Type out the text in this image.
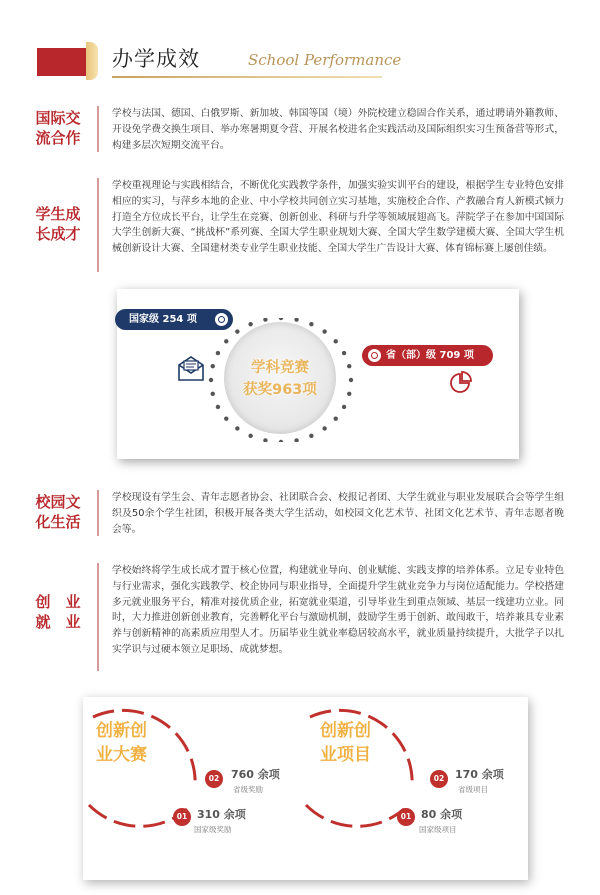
办学成效	School Performance
国际交
流合作
学校与法国、德国、白俄罗斯、新加坡、韩国等国（境）外院校建立稳固合作关系，通过聘请外籍教师、开设免学费交换生项目、举办寒暑期夏令营、开展名校进名企实践活动及国际组织实习生预备营等形式，构建多层次短期交流平台。
学生成
长成才
学校重视理论与实践相结合，不断优化实践教学条件，加强实验实训平台的建设，根据学生专业特色安排相应的实习，与萍乡本地的企业、中小学校共同创立实习基地，实施校企合作、产教融合育人新模式倾力打造全方位成长平台，让学生在竞赛、创新创业、科研与升学等领域展翅高飞。萍院学子在参加中国国际大学生创新大赛、“挑战杯”系列赛、全国大学生职业规划大赛、全国大学生数学建模大赛、全国大学生机械创新设计大赛、全国建材类专业学生职业技能、全国大学生广告设计大赛、体育锦标赛上屡创佳绩。
国家级 254 项
学科竞赛
获奖963项
省（部）级 709 项
校园文
化生活
学校现设有学生会、青年志愿者协会、社团联合会、校报记者团、大学生就业与职业发展联合会等学生组织及50余个学生社团，积极开展各类大学生活动，如校园文化艺术节、社团文化艺术节、青年志愿者晚会等。
创　业
就　业
学校始终将学生成长成才置于核心位置，构建就业导向、创业赋能、实践支撑的培养体系。立足专业特色与行业需求，强化实践教学、校企协同与职业指导，全面提升学生就业竞争力与岗位适配能力。学校搭建多元就业服务平台，精准对接优质企业，拓宽就业渠道，引导毕业生到重点领域、基层一线建功立业。同时，大力推进创新创业教育，完善孵化平台与激励机制，鼓励学生勇于创新、敢闯敢干，培养兼具专业素养与创新精神的高素质应用型人才。历届毕业生就业率稳居较高水平，就业质量持续提升，大批学子以扎实学识与过硬本领立足职场、成就梦想。
创新创
业大赛
02	760 余项
省级奖励
01 310 余项
国家级奖励
创新创
业项目
02 170 余项
省级项目
01 80 余项
国家级项目
